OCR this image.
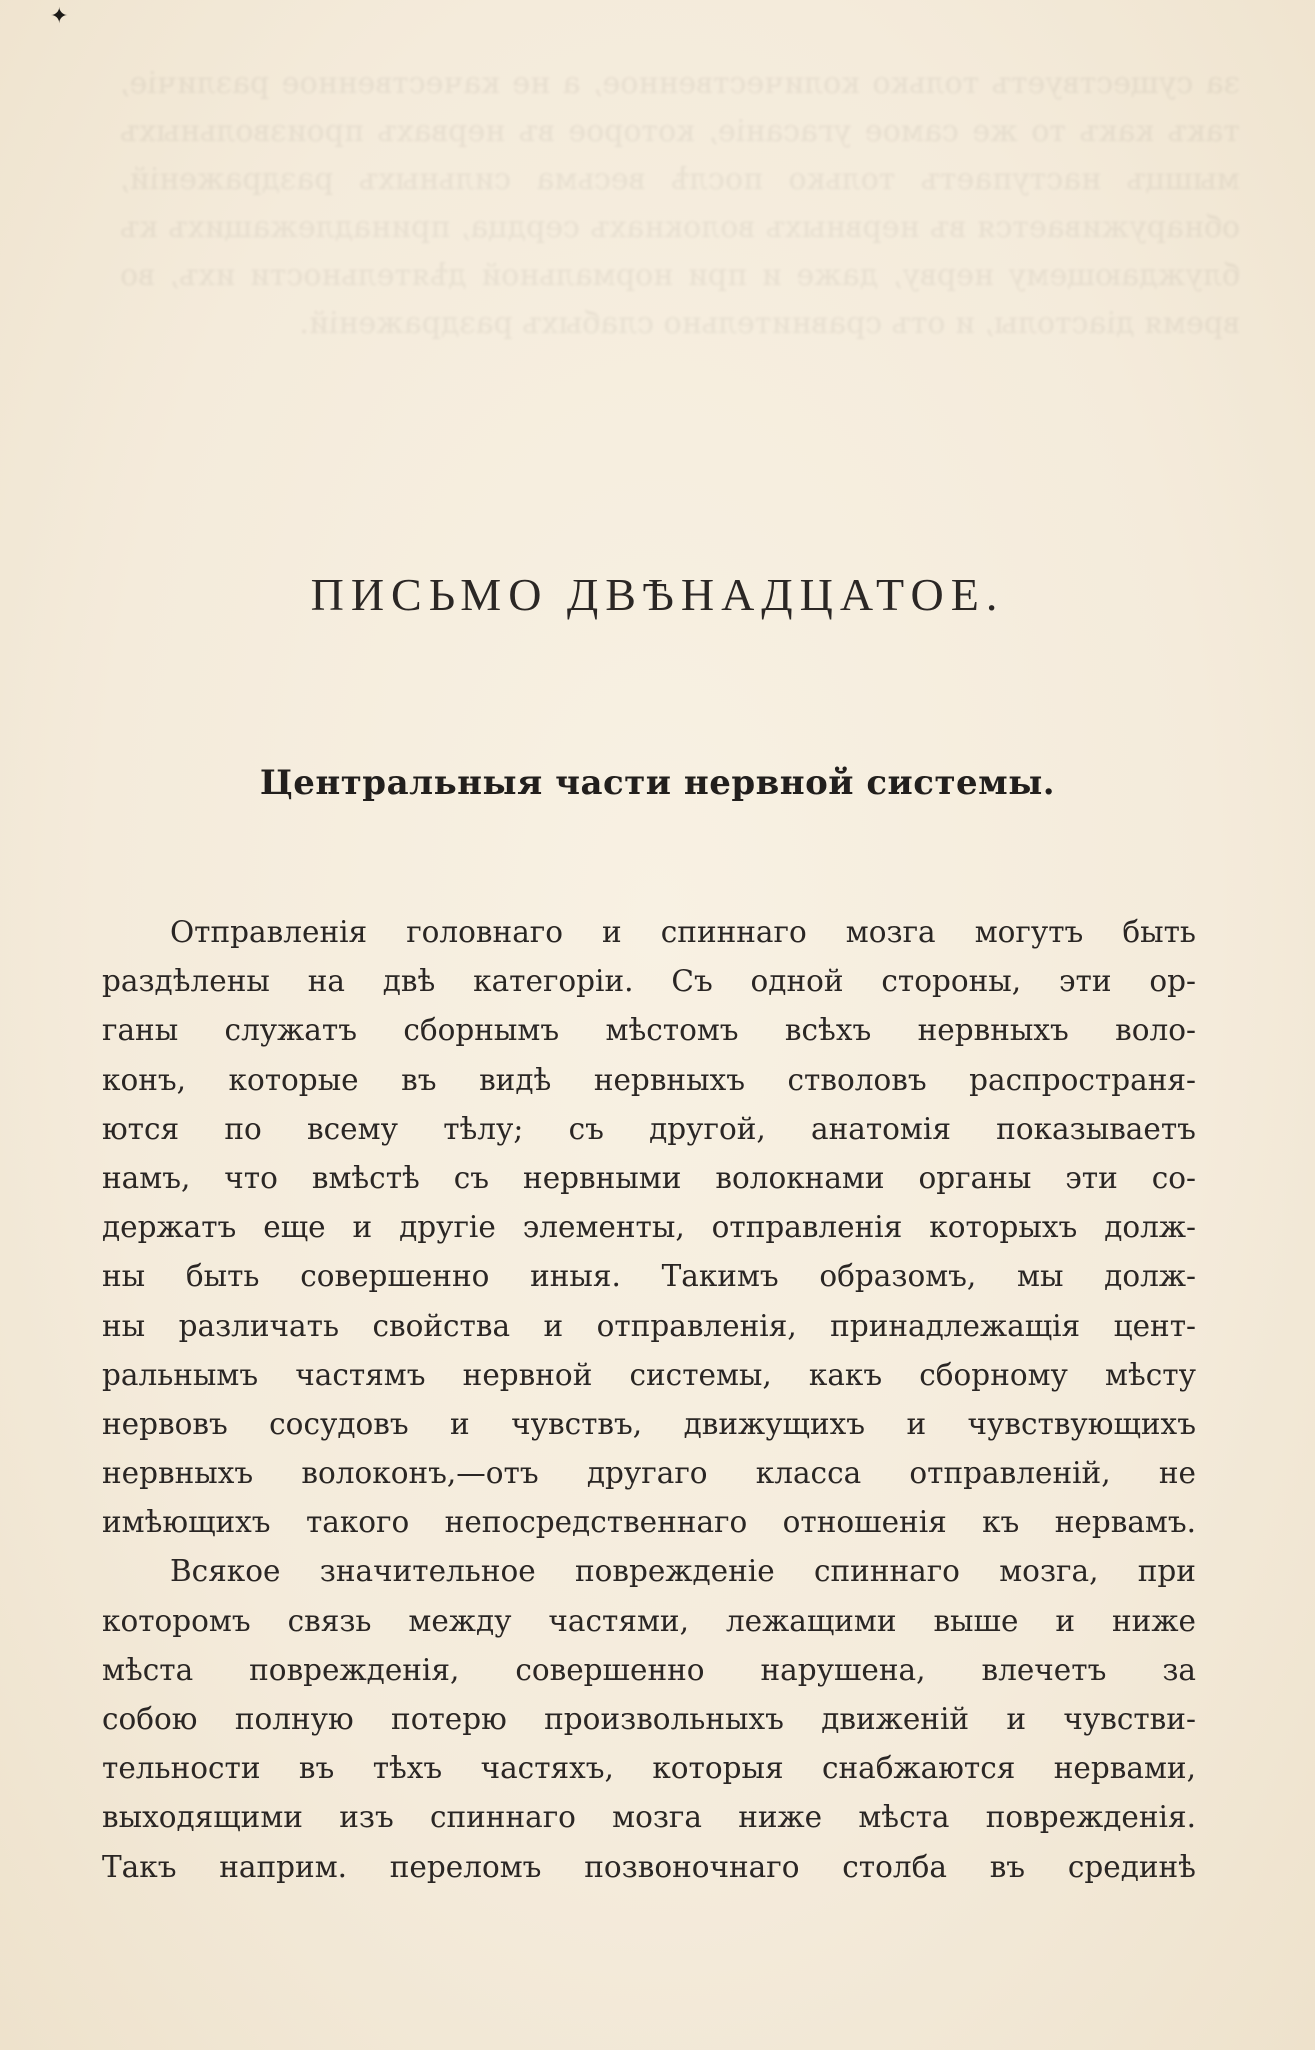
за существуетъ только количественное, а не качественное различіе, такъ какъ то же самое угасаніе, которое въ нервахъ произвольныхъ мышцъ наступаетъ только послѣ весьма сильныхъ раздраженій, обнаруживается въ нервныхъ волокнахъ сердца, принадлежащихъ къ блуждающему нерву, даже и при нормальной дѣятельности ихъ, во время діастолы, и отъ сравнительно слабыхъ раздраженій.
✦
ПИСЬМО ДВѢНАДЦАТОЕ.
Центральныя части нервной системы.
Отправленія головнаго и спиннаго мозга могутъ быть
раздѣлены на двѣ категоріи. Съ одной стороны, эти ор-
ганы служатъ сборнымъ мѣстомъ всѣхъ нервныхъ воло-
конъ, которые въ видѣ нервныхъ стволовъ распространя-
ются по всему тѣлу; съ другой, анатомія показываетъ
намъ, что вмѣстѣ съ нервными волокнами органы эти со-
держатъ еще и другіе элементы, отправленія которыхъ долж-
ны быть совершенно иныя. Такимъ образомъ, мы долж-
ны различать свойства и отправленія, принадлежащія цент-
ральнымъ частямъ нервной системы, какъ сборному мѣсту
нервовъ сосудовъ и чувствъ, движущихъ и чувствующихъ
нервныхъ волоконъ,—отъ другаго класса отправленій, не
имѣющихъ такого непосредственнаго отношенія къ нервамъ.
Всякое значительное поврежденіе спиннаго мозга, при
которомъ связь между частями, лежащими выше и ниже
мѣста поврежденія, совершенно нарушена, влечетъ за
собою полную потерю произвольныхъ движеній и чувстви-
тельности въ тѣхъ частяхъ, которыя снабжаются нервами,
выходящими изъ спиннаго мозга ниже мѣста поврежденія.
Такъ наприм. переломъ позвоночнаго столба въ срединѣ
